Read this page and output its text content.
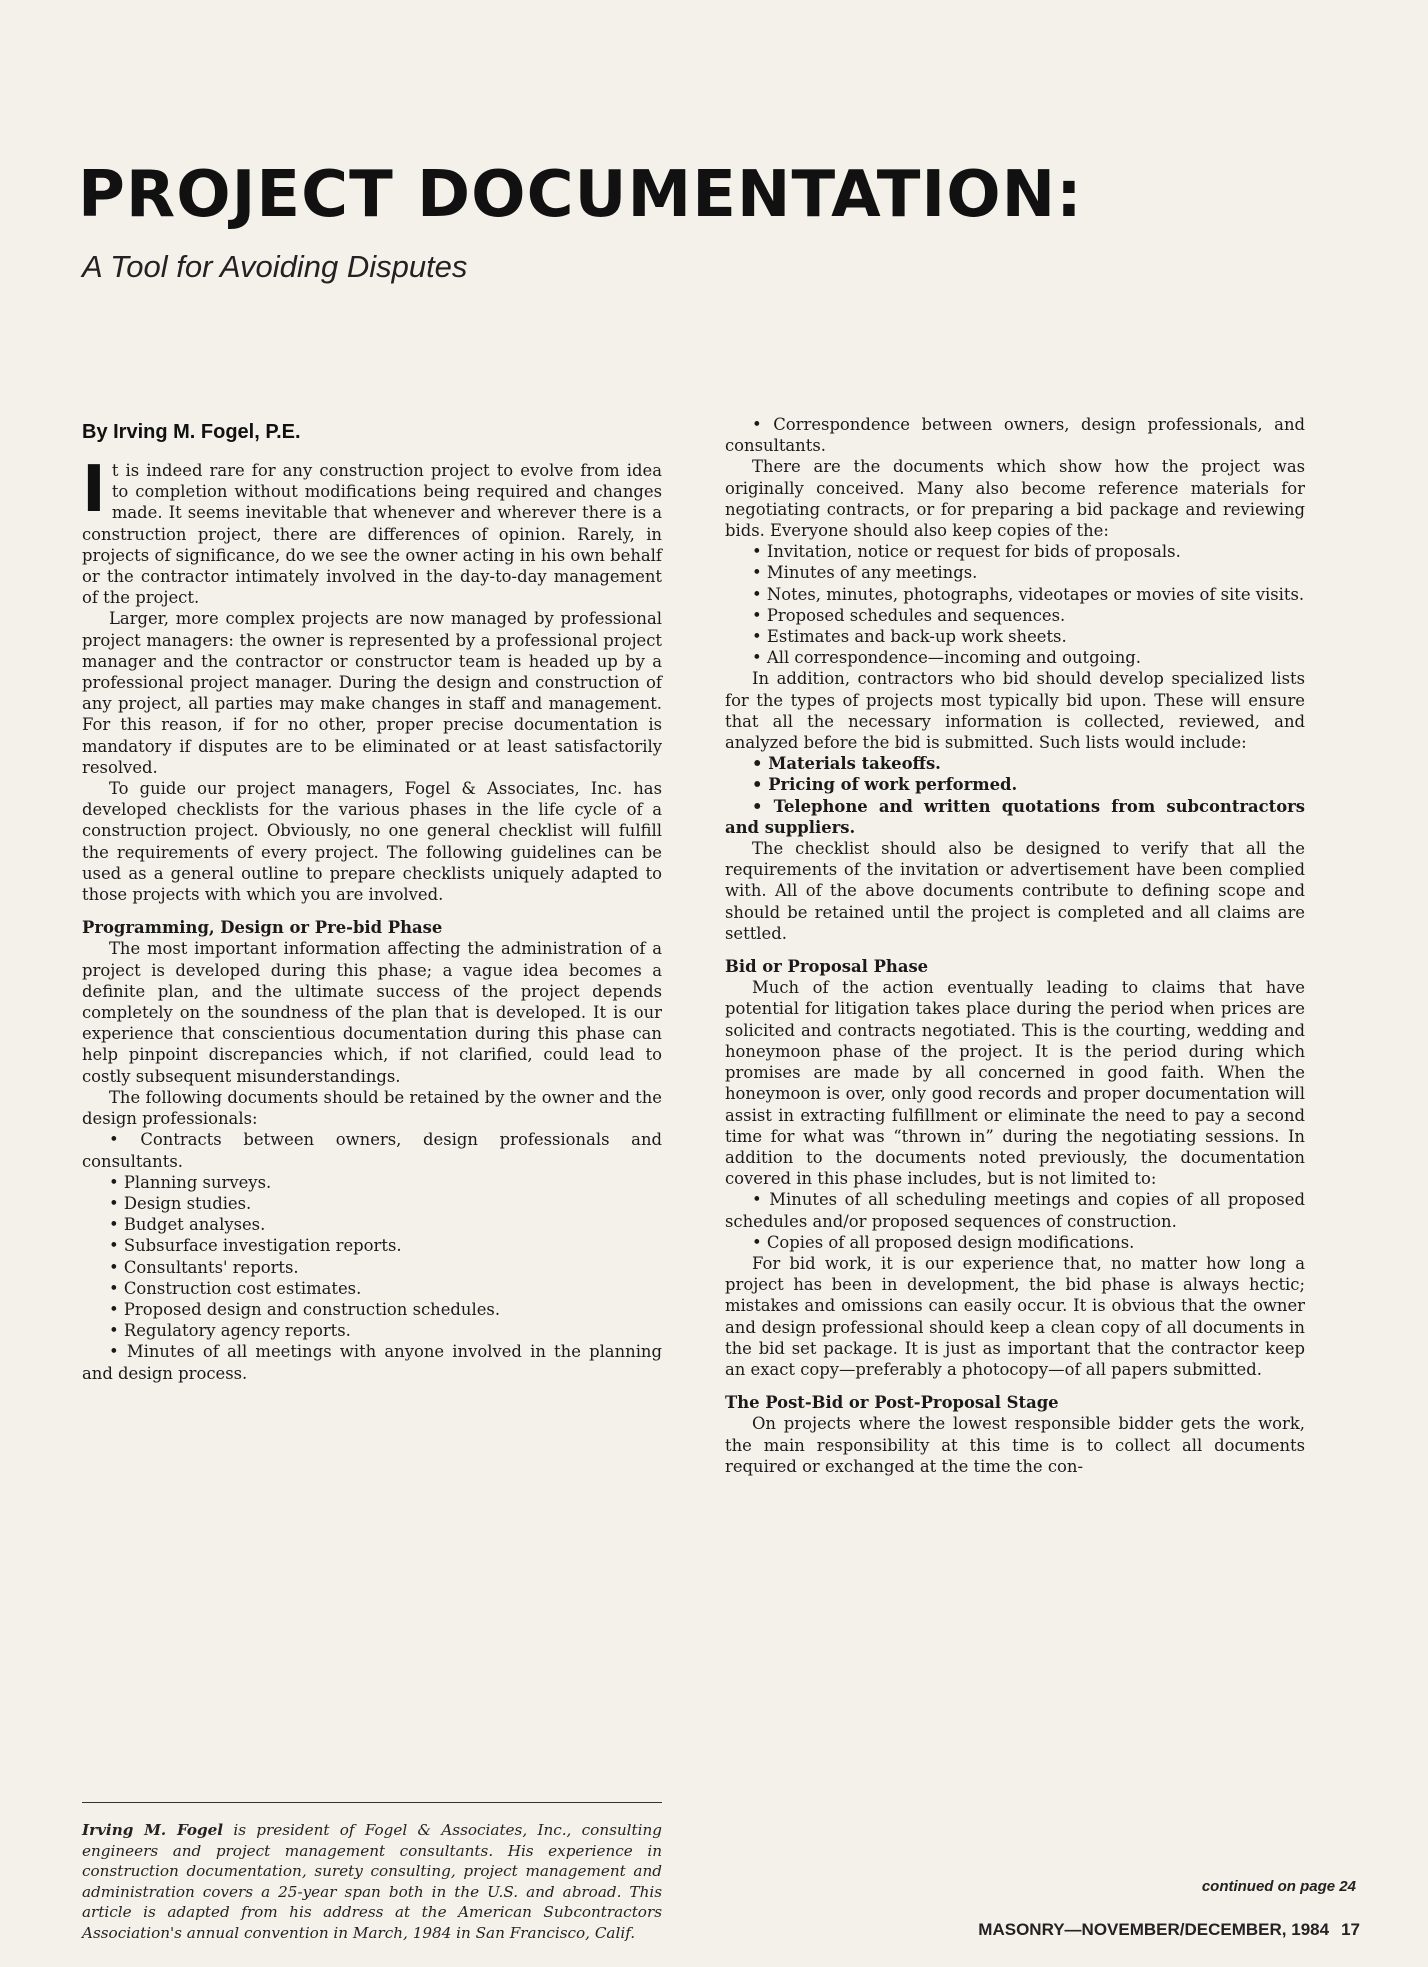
PROJECT DOCUMENTATION:
A Tool for Avoiding Disputes
By Irving M. Fogel, P.E.

It is indeed rare for any construction project to evolve from idea to completion without modifications being required and changes made. It seems inevitable that whenever and wherever there is a construction project, there are differences of opinion. Rarely, in projects of significance, do we see the owner acting in his own behalf or the contractor intimately involved in the day-to-day management of the project.

Larger, more complex projects are now managed by professional project managers: the owner is represented by a professional project manager and the contractor or constructor team is headed up by a professional project manager. During the design and construction of any project, all parties may make changes in staff and management. For this reason, if for no other, proper precise documentation is mandatory if disputes are to be eliminated or at least satisfactorily resolved.

To guide our project managers, Fogel & Associates, Inc. has developed checklists for the various phases in the life cycle of a construction project. Obviously, no one general checklist will fulfill the requirements of every project. The following guidelines can be used as a general outline to prepare checklists uniquely adapted to those projects with which you are involved.

Programming, Design or Pre-bid Phase

The most important information affecting the administration of a project is developed during this phase; a vague idea becomes a definite plan, and the ultimate success of the project depends completely on the soundness of the plan that is developed. It is our experience that conscientious documentation during this phase can help pinpoint discrepancies which, if not clarified, could lead to costly subsequent misunderstandings.

The following documents should be retained by the owner and the design professionals:

• Contracts between owners, design professionals and consultants.

• Planning surveys.

• Design studies.

• Budget analyses.

• Subsurface investigation reports.

• Consultants' reports.

• Construction cost estimates.

• Proposed design and construction schedules.

• Regulatory agency reports.

• Minutes of all meetings with anyone involved in the planning and design process.

Irving M. Fogel is president of Fogel & Associates, Inc., consulting engineers and project management consultants. His experience in construction documentation, surety consulting, project management and administration covers a 25-year span both in the U.S. and abroad. This article is adapted from his address at the American Subcontractors Association's annual convention in March, 1984 in San Francisco, Calif.

• Correspondence between owners, design professionals, and consultants.

There are the documents which show how the project was originally conceived. Many also become reference materials for negotiating contracts, or for preparing a bid package and reviewing bids. Everyone should also keep copies of the:

• Invitation, notice or request for bids of proposals.

• Minutes of any meetings.

• Notes, minutes, photographs, videotapes or movies of site visits.

• Proposed schedules and sequences.

• Estimates and back-up work sheets.

• All correspondence—incoming and outgoing.

In addition, contractors who bid should develop specialized lists for the types of projects most typically bid upon. These will ensure that all the necessary information is collected, reviewed, and analyzed before the bid is submitted. Such lists would include:

• Materials takeoffs.

• Pricing of work performed.

• Telephone and written quotations from subcontractors and suppliers.

The checklist should also be designed to verify that all the requirements of the invitation or advertisement have been complied with. All of the above documents contribute to defining scope and should be retained until the project is completed and all claims are settled.

Bid or Proposal Phase

Much of the action eventually leading to claims that have potential for litigation takes place during the period when prices are solicited and contracts negotiated. This is the courting, wedding and honeymoon phase of the project. It is the period during which promises are made by all concerned in good faith. When the honeymoon is over, only good records and proper documentation will assist in extracting fulfillment or eliminate the need to pay a second time for what was “thrown in” during the negotiating sessions. In addition to the documents noted previously, the documentation covered in this phase includes, but is not limited to:

• Minutes of all scheduling meetings and copies of all proposed schedules and/or proposed sequences of construction.

• Copies of all proposed design modifications.

For bid work, it is our experience that, no matter how long a project has been in development, the bid phase is always hectic; mistakes and omissions can easily occur. It is obvious that the owner and design professional should keep a clean copy of all documents in the bid set package. It is just as important that the contractor keep an exact copy—preferably a photocopy—of all papers submitted.

The Post-Bid or Post-Proposal Stage

On projects where the lowest responsible bidder gets the work, the main responsibility at this time is to collect all documents required or exchanged at the time the con-

continued on page 24
MASONRY—NOVEMBER/DECEMBER, 1984 17
